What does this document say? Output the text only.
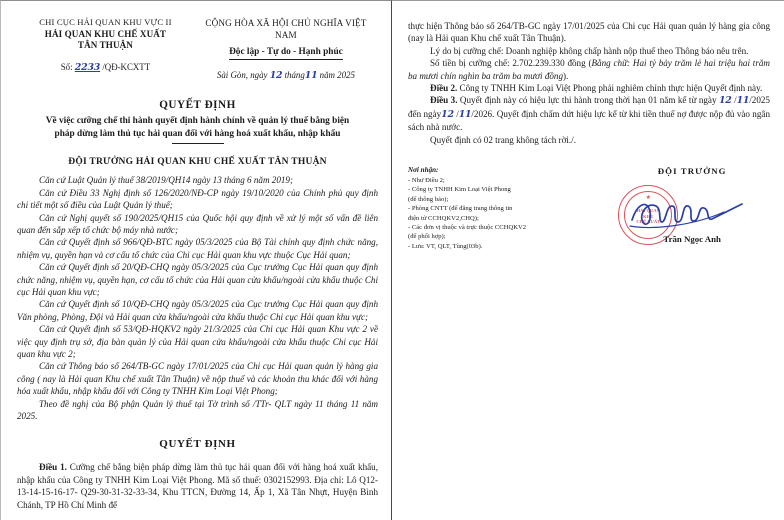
CHI CỤC HẢI QUAN KHU VỰC II
HẢI QUAN KHU CHẾ XUẤT
TÂN THUẬN
Số: 2233 /QĐ-KCXTT
CỘNG HÒA XÃ HỘI CHỦ NGHĨA VIỆT NAM
Độc lập - Tự do - Hạnh phúc
Sài Gòn, ngày 12 tháng11 năm 2025
QUYẾT ĐỊNH
Về việc cưỡng chế thi hành quyết định hành chính về quản lý thuế bằng biện
pháp dừng làm thủ tục hải quan đối với hàng hoá xuất khẩu, nhập khẩu
ĐỘI TRƯỞNG HẢI QUAN KHU CHẾ XUẤT TÂN THUẬN

Căn cứ Luật Quản lý thuế 38/2019/QH14 ngày 13 tháng 6 năm 2019;

Căn cứ Điều 33 Nghị định số 126/2020/NĐ-CP ngày 19/10/2020 của Chính phủ quy định chi tiết một số điều của Luật Quản lý thuế;

Căn cứ Nghị quyết số 190/2025/QH15 của Quốc hội quy định về xử lý một số vấn đề liên quan đến sắp xếp tổ chức bộ máy nhà nước;

Căn cứ Quyết định số 966/QĐ-BTC ngày 05/3/2025 của Bộ Tài chính quy định chức năng, nhiệm vụ, quyền hạn và cơ cấu tổ chức của Chi cục Hải quan khu vực thuộc Cục Hải quan;

Căn cứ Quyết định số 20/QĐ-CHQ ngày 05/3/2025 của Cục trưởng Cục Hải quan quy định chức năng, nhiệm vụ, quyền hạn, cơ cấu tổ chức của Hải quan cửa khẩu/ngoài cửa khẩu thuộc Chi cục Hải quan khu vực;

Căn cứ Quyết định số 10/QĐ-CHQ ngày 05/3/2025 của Cục trưởng Cục Hải quan quy định Văn phòng, Phòng, Đội và Hải quan cửa khẩu/ngoài cửa khẩu thuộc Chi cục Hải quan khu vực;

Căn cứ Quyết định số 53/QĐ-HQKV2 ngày 21/3/2025 của Chi cục Hải quan Khu vực 2 về việc quy định trụ sở, địa bàn quản lý của Hải quan cửa khẩu/ngoài cửa khẩu thuộc Chi cục Hải quan khu vực 2;

Căn cứ Thông báo số 264/TB-GC ngày 17/01/2025 của Chi cục Hải quan quản lý hàng gia công ( nay là Hải quan Khu chế xuất Tân Thuận) về nộp thuế và các khoản thu khác đối với hàng hóa xuất khẩu, nhập khẩu đối với Công ty TNHH Kim Loại Việt Phong;

Theo đề nghị của Bộ phận Quản lý thuế tại Tờ trình số /TTr- QLT ngày 11 tháng 11 năm 2025.

QUYẾT ĐỊNH

Điều 1. Cưỡng chế bằng biện pháp dừng làm thủ tục hải quan đối với hàng hoá xuất khẩu, nhập khẩu của Công ty TNHH Kim Loại Việt Phong. Mã số thuế: 0302152993. Địa chỉ: Lô Q12-13-14-15-16-17- Q29-30-31-32-33-34, Khu TTCN, Đường 14, Ấp 1, Xã Tân Nhựt, Huyện Bình Chánh, TP Hồ Chí Minh để

thực hiện Thông báo số 264/TB-GC ngày 17/01/2025 của Chi cục Hải quan quản lý hàng gia công (nay là Hải quan Khu chế xuất Tân Thuận).

Lý do bị cưỡng chế: Doanh nghiệp không chấp hành nộp thuế theo Thông báo nêu trên.

Số tiền bị cưỡng chế: 2.702.239.330 đồng (Bằng chữ: Hai tỷ bảy trăm lẻ hai triệu hai trăm ba mươi chín nghìn ba trăm ba mươi đồng).

Điều 2. Công ty TNHH Kim Loại Việt Phong phải nghiêm chỉnh thực hiện Quyết định này.

Điều 3. Quyết định này có hiệu lực thi hành trong thời hạn 01 năm kể từ ngày 12 /11/2025 đến ngày12 /11/2026. Quyết định chấm dứt hiệu lực kể từ khi tiền thuế nợ được nộp đủ vào ngân sách nhà nước.

Quyết định có 02 trang không tách rời./.

Nơi nhận:
- Như Điều 2;
- Công ty TNHH Kim Loại Việt Phong
(để thông báo);
- Phòng CNTT (để đăng trang thông tin
điện tử CCHQKV2,CHQ);
- Các đơn vị thuộc và trực thuộc CCHQKV2
(để phối hợp);
- Lưu: VT, QLT, Tùng(03b).
ĐỘI TRƯỞNG
★
HẢI QUAN
KHU
CHẾ XUẤT
Trần Ngọc Anh
